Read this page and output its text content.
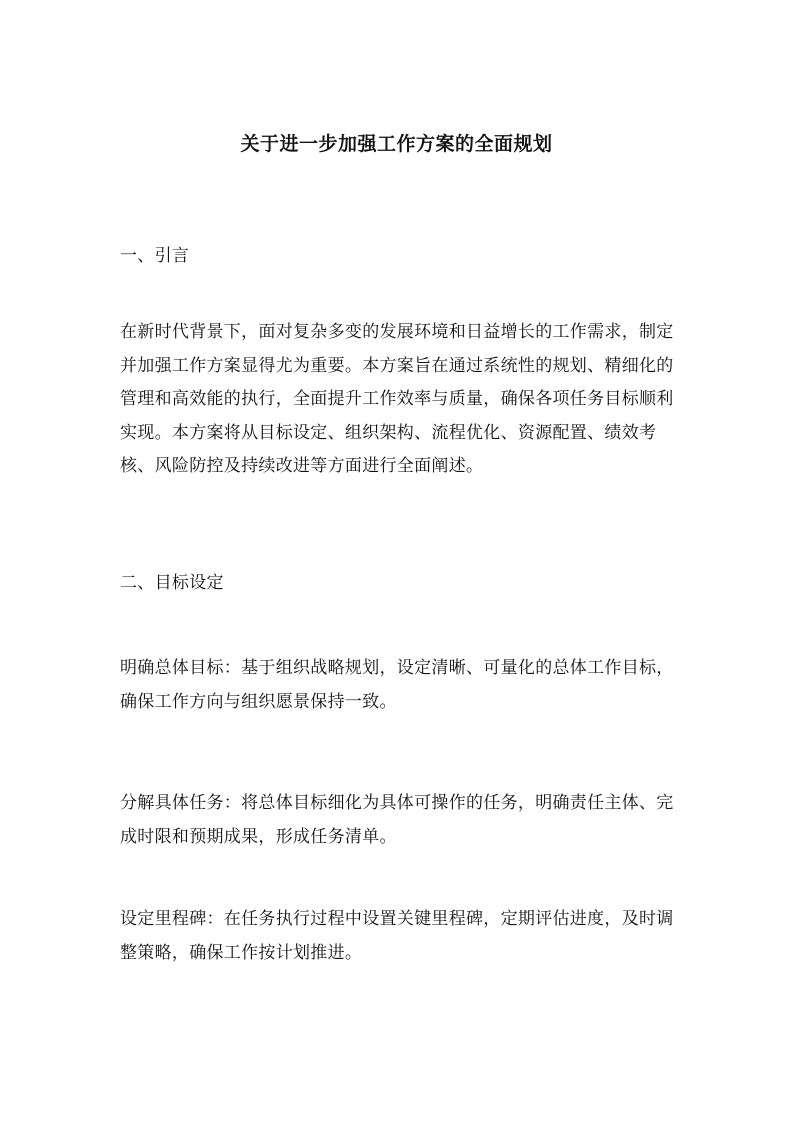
关于进一步加强工作方案的全面规划
一、引言

在新时代背景下，面对复杂多变的发展环境和日益增长的工作需求，制定并加强工作方案显得尤为重要。本方案旨在通过系统性的规划、精细化的管理和高效能的执行，全面提升工作效率与质量，确保各项任务目标顺利实现。本方案将从目标设定、组织架构、流程优化、资源配置、绩效考核、风险防控及持续改进等方面进行全面阐述。

二、目标设定

明确总体目标：基于组织战略规划，设定清晰、可量化的总体工作目标，确保工作方向与组织愿景保持一致。

分解具体任务：将总体目标细化为具体可操作的任务，明确责任主体、完成时限和预期成果，形成任务清单。

设定里程碑：在任务执行过程中设置关键里程碑，定期评估进度，及时调整策略，确保工作按计划推进。
